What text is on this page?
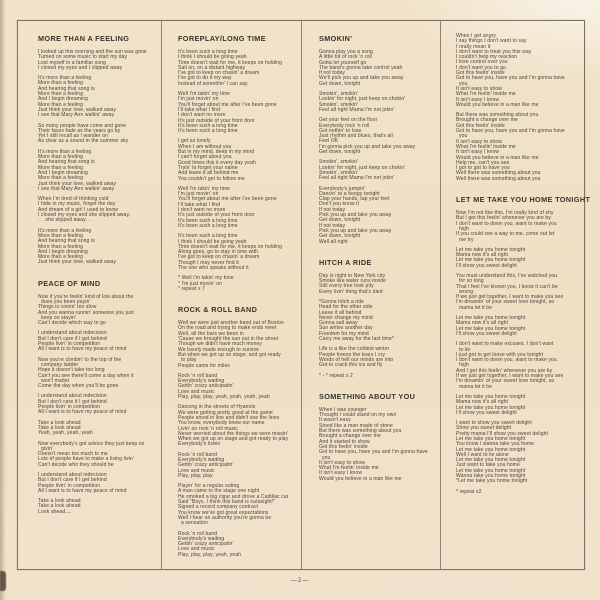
MORE THAN A FEELING
I looked up this morning and the sun was gone
Turned on some music to start my day
Lost myself in a familiar song
I closed my eyes and I slipped away
It's more than a feeling
More than a feeling
And hearing that song is
More than a feeling
And I begin dreaming
More than a feeling
Just think your love, walked away
I see that Mary Ann walkin' away
So many people have come and gone
Their faces fade as the years go by
Yet I still recall as I wander on
As clear as a sound in the summer sky
It's more than a feeling
More than a feeling
And hearing that song is
More than a feeling
And I begin dreaming
More than a feeling
Just think your love, walked away
I see that Mary Ann walkin' away
When I'm tired of thinking cold
I hide in my music, forget the day
And dream of a girl I used to know
I closed my eyes and she slipped away,
. . .she slipped away. . .
It's more than a feeling
More than a feeling
And hearing that song is
More than a feeling
And I begin dreaming
More than a feeling
Just think your love, walked away
PEACE OF MIND
Now if you're feelin' kind of low about the
dues you been payin'
Things is comin' too slow
And you wanna runnin' someone you just
keep on stayin'
Can't decide which way to go
I understand about indecision
But I don't care if I get behind
People livin' in competition
All I want is to have my peace of mind
Now you're climbin' to the top of the
company ladder
Hope it doesn't take too long
Can't you see there'll come a day when it
won't matter
Come the day when you'll be gone
I understand about indecision
But I don't care if I get behind
People livin' in competition
All I want is to have my peace of mind
Take a look ahead
Take a look ahead
Yeah, yeah, yeah, yeah
Now everybody's got advice they just keep on
givin'
Doesn't mean too much to me
Lots of people have to make a living livin'
Can't decide who they should be
I understand about indecision
But I don't care if I get behind
People livin' in competition
All I want is to have my peace of mind
Take a look ahead
Take a look ahead
Look ahead....
FOREPLAY/LONG TIME
It's been such a long time
I think I should be going yeah
Time doesn't wait for me, it keeps on holding
Sail on, on a distant highway
I've got to keep on chasin' a dream
I've got to do it my way
Instead of somethin' I can say
Well I'm takin' my time
I'm just movin' on
You'll forget about me after I've been gone
I'll take what I find
I don't want no more
It's just outside of your front door
It's been such a long time
It's been such a long time
I get so lonely
When I am without you
But in my mind, deep in my mind
I can't forget about you
Good times this it every day yeah
Tryin' to forget your name
And leave it all behind me
You couldn't get to follow me
Well I'm takin' my time
I'm just movin' on
You'll forget about me after I've been gone
I'll take what I find
I don't want no more
It's just outside of your front door
It's been such a long time
It's been such a long time
It's been such a long time
I think I should be going yeah
Time doesn't wait for me, it keeps on holding
Along goes, go to stay in time with
I've got to keep on chasin' a dream
Though I may never find it
The one who speaks without it
* Well I'm takin' my time
* I'm just movin' on
* repeat x 7
ROCK & ROLL BAND
Well we were just another band out of Boston
On the road and trying to make ends meet
Well, all the bars we been in
'Cause we brought the sun out in the street
Though we didn't have much money
We barely made enough to survive
But when we got up on stage, and got ready
to play
People came for miles
Rock 'n roll band
Everybody's waiting
Gettin' crazy anticipatin'
Love and music
Play, play, play, yeah, yeah, yeah, yeah
Dancing in the streets of Hyannis
We were getting pretty good at the game
People stood in line and didn't see the lines
You know, everybody knew our name
Livin' on rock 'n roll music
Never worried about the things we were missin'
When we got up on stage and got ready to play
Everybody's listen
Rock 'n roll band
Everybody's waiting
Gettin' crazy anticipatin'
Love and music
Play, play, play
Playin' for a regular outing
A man came to the stage one night
He smoked a big cigar and drove a Cadillac car
Said "Boys, I think this band is outasight!"
Signed a record company contract
You know we've got great expectations
Well I hear on authority you're gonna be
a sensation
Rock 'n roll band
Everybody's waiting
Gettin' crazy anticipatin'
Love and music
Play, play, play, yeah, yeah
SMOKIN'
Gonna play you a song
A little bit of rock 'n roll
Gotta let yourself go
The band's gonna take control yeah
If not today
We'll pick you up and take you away
Get down, tonight
Smokin', smokin'
Lookin' for night, just keep on chokin'
Smokin', smokin'
Feel all right Mama I'm not jokin'
Get your feet on the floor
Everybody rock 'n roll
Got nothin' to lose
Just rhythm and blues, that's all
Feel OK
I'm gonna pick you up and take you away
Get down, tonight
Smokin', smokin'
Lookin' for night, just keep on chokin'
Smokin', smokin'
Feel all right Mama I'm not jokin'
Everybody's jumpin'
Dancin' to a boogy tonight
Clap your hands, tap your feet
Don't you know it
If not today
Pick you up and take you away
Get down, tonight
If not today
Pick you up and take you away
Get down, tonight
Well all right
HITCH A RIDE
Day is night in New York city
Smoke like water runs inside
Still every tree took pity
Every livin' thing that's died
*Gonna hitch a ride
Head for the other side
Leave it all behind
Never change my mind
Gonna sail away
Sun writes another day
Freedom for my mind
Carry me away for the last time*
Life is a like the coldest winter
People freeze the tears I cry
Words of hell our minds are into
Got to crack this ice and fly
* - * repeat x 2
SOMETHING ABOUT YOU
When I was younger
Thought I could stand on my own
It wasn't easy
Stood like a man made of stone
But there was something about you
Brought a change over me
And it started to show
Got this feelin' inside
Got to have you, have you and I'm gonna have
you
It isn't easy to show
What I'm feelin' inside me
It isn't easy I know
Would you believe in a man like me
When I get angry
I say things I don't want to say
I really mean it
I don't want to treat you this way
I couldn't help my reaction
I lose control over you
I don't want you to go
Got this feelin' inside
Got to have you, have you and I'm gonna have
you
It isn't easy to show
What I'm feelin' inside me
It isn't easy I know
Would you believe in a man like me
But there was something about you
Brought a change over me
Got this feelin' inside
Got to have you, have you and I'm gonna have
you
It isn't easy to show
What I'm feelin' inside me
It isn't easy I know
Would you believe in a man like me
Help me, can't you see
I got to got to have you
Well there was something about you
Well there was something about you
LET ME TAKE YOU HOME TONIGHT
Now I'm not like this, I'm really kind of shy
But I get this feelin' whenever you are by
I don't want to down you, want to make you
high
If you could see a way to me, come out let
me try
Let me take you home tonight
Mama now it's all right
Let me take you home tonight
I'll show you sweet delight
You must understand this, I've watched you
for so long
That I feel I've known you, I know it can't be
wrong
If we just get together, I want to make you see
I'm dreamin' of your sweet love tonight, so
mama let it be
Let me take you home tonight
Mama now it's all right
Let me take you home tonight
I'll show you sweet delight
I don't want to make excuses, I don't want
to lie
I just got to get loose with you tonight
I don't want to down you, want to make you
high
And I get this feelin' whenever you are by
If we just get together, I want to make you see
I'm dreamin' of your sweet love tonight, so
mama let it be
Let me take you home tonight
Mama now it's all right
Let me take you home tonight
I'll show you sweet delight
I want to show you sweet delight
Show you sweet delight
Pretty mama I'll show you sweet delight
Let me take you home tonight
You know I wanna take you home
Let me take you home tonight
Well I want to lie alone
Let me take you home tonight
Just want to take you home
Let me take you home tonight
Wanna take you home tonight
*Let me take you home tonight
* repeat x2
—2—
